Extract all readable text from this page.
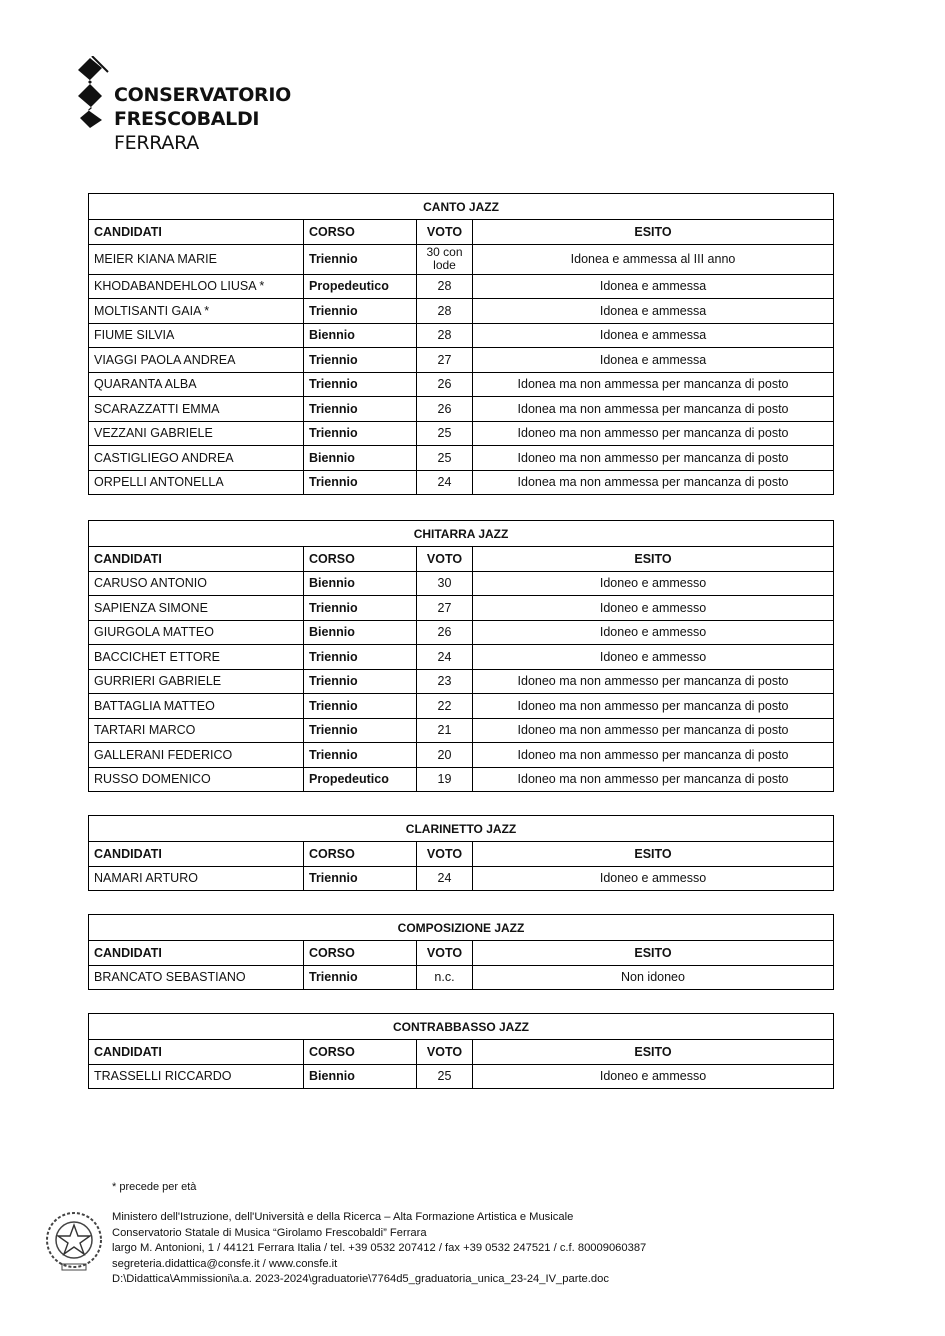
CONSERVATORIO
FRESCOBALDI
FERRARA
CANTO JAZZ			
CANDIDATI	CORSO	VOTO	ESITO
MEIER KIANA MARIE	Triennio	30 con lode	Idonea e ammessa al III anno
KHODABANDEHLOO LIUSA *	Propedeutico	28	Idonea e ammessa
MOLTISANTI GAIA *	Triennio	28	Idonea e ammessa
FIUME SILVIA	Biennio	28	Idonea e ammessa
VIAGGI PAOLA ANDREA	Triennio	27	Idonea e ammessa
QUARANTA ALBA	Triennio	26	Idonea ma non ammessa per mancanza di posto
SCARAZZATTI EMMA	Triennio	26	Idonea ma non ammessa per mancanza di posto
VEZZANI GABRIELE	Triennio	25	Idoneo ma non ammesso per mancanza di posto
CASTIGLIEGO ANDREA	Biennio	25	Idoneo ma non ammesso per mancanza di posto
ORPELLI ANTONELLA	Triennio	24	Idonea ma non ammessa per mancanza di posto
CHITARRA JAZZ			
CANDIDATI	CORSO	VOTO	ESITO
CARUSO ANTONIO	Biennio	30	Idoneo e ammesso
SAPIENZA SIMONE	Triennio	27	Idoneo e ammesso
GIURGOLA MATTEO	Biennio	26	Idoneo e ammesso
BACCICHET ETTORE	Triennio	24	Idoneo e ammesso
GURRIERI GABRIELE	Triennio	23	Idoneo ma non ammesso per mancanza di posto
BATTAGLIA MATTEO	Triennio	22	Idoneo ma non ammesso per mancanza di posto
TARTARI MARCO	Triennio	21	Idoneo ma non ammesso per mancanza di posto
GALLERANI FEDERICO	Triennio	20	Idoneo ma non ammesso per mancanza di posto
RUSSO DOMENICO	Propedeutico	19	Idoneo ma non ammesso per mancanza di posto
CLARINETTO JAZZ			
CANDIDATI	CORSO	VOTO	ESITO
NAMARI ARTURO	Triennio	24	Idoneo e ammesso
COMPOSIZIONE JAZZ			
CANDIDATI	CORSO	VOTO	ESITO
BRANCATO SEBASTIANO	Triennio	n.c.	Non idoneo
CONTRABBASSO JAZZ			
CANDIDATI	CORSO	VOTO	ESITO
TRASSELLI RICCARDO	Biennio	25	Idoneo e ammesso
* precede per età
Ministero dell'Istruzione, dell'Università e della Ricerca – Alta Formazione Artistica e Musicale
Conservatorio Statale di Musica “Girolamo Frescobaldi” Ferrara
largo M. Antonioni, 1 / 44121 Ferrara Italia / tel. +39 0532 207412 / fax +39 0532 247521 / c.f. 80009060387
segreteria.didattica@consfe.it / www.consfe.it
D:\Didattica\Ammissioni\a.a. 2023-2024\graduatorie\7764d5_graduatoria_unica_23-24_IV_parte.doc
